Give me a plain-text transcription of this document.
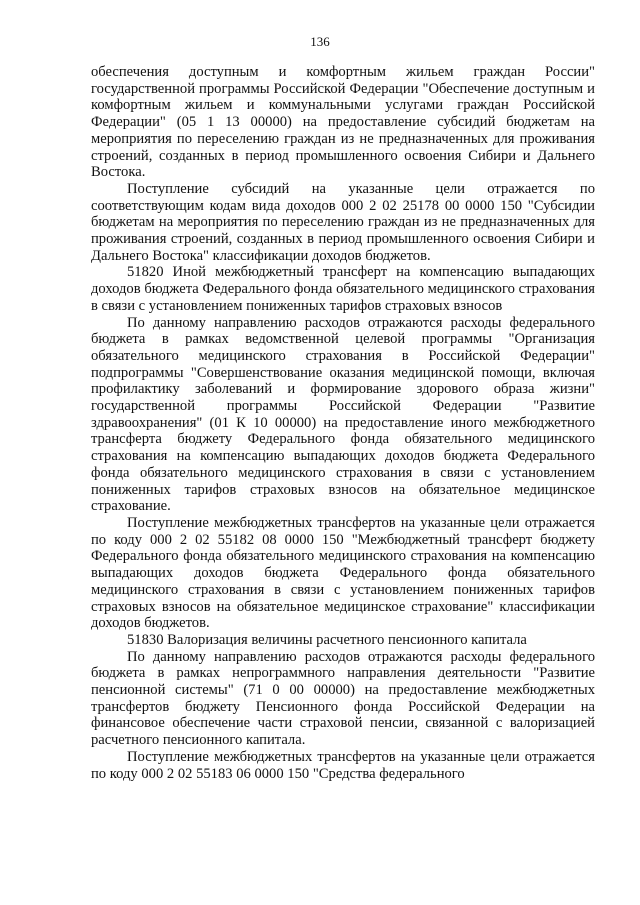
136

обеспечения доступным и комфортным жильем граждан России" государственной программы Российской Федерации "Обеспечение доступным и комфортным жильем и коммунальными услугами граждан Российской Федерации" (05 1 13 00000) на предоставление субсидий бюджетам на мероприятия по переселению граждан из не предназначенных для проживания строений, созданных в период промышленного освоения Сибири и Дальнего Востока.

Поступление субсидий на указанные цели отражается по соответствующим кодам вида доходов 000 2 02 25178 00 0000 150 "Субсидии бюджетам на мероприятия по переселению граждан из не предназначенных для проживания строений, созданных в период промышленного освоения Сибири и Дальнего Востока" классификации доходов бюджетов.

51820 Иной межбюджетный трансферт на компенсацию выпадающих доходов бюджета Федерального фонда обязательного медицинского страхования в связи с установлением пониженных тарифов страховых взносов

По данному направлению расходов отражаются расходы федерального бюджета в рамках ведомственной целевой программы "Организация обязательного медицинского страхования в Российской Федерации" подпрограммы "Совершенствование оказания медицинской помощи, включая профилактику заболеваний и формирование здорового образа жизни" государственной программы Российской Федерации "Развитие здравоохранения" (01 К 10 00000) на предоставление иного межбюджетного трансферта бюджету Федерального фонда обязательного медицинского страхования на компенсацию выпадающих доходов бюджета Федерального фонда обязательного медицинского страхования в связи с установлением пониженных тарифов страховых взносов на обязательное медицинское страхование.

Поступление межбюджетных трансфертов на указанные цели отражается по коду 000 2 02 55182 08 0000 150 "Межбюджетный трансферт бюджету Федерального фонда обязательного медицинского страхования на компенсацию выпадающих доходов бюджета Федерального фонда обязательного медицинского страхования в связи с установлением пониженных тарифов страховых взносов на обязательное медицинское страхование" классификации доходов бюджетов.

51830 Валоризация величины расчетного пенсионного капитала

По данному направлению расходов отражаются расходы федерального бюджета в рамках непрограммного направления деятельности "Развитие пенсионной системы" (71 0 00 00000) на предоставление межбюджетных трансфертов бюджету Пенсионного фонда Российской Федерации на финансовое обеспечение части страховой пенсии, связанной с валоризацией расчетного пенсионного капитала.

Поступление межбюджетных трансфертов на указанные цели отражается по коду 000 2 02 55183 06 0000 150 "Средства федерального
